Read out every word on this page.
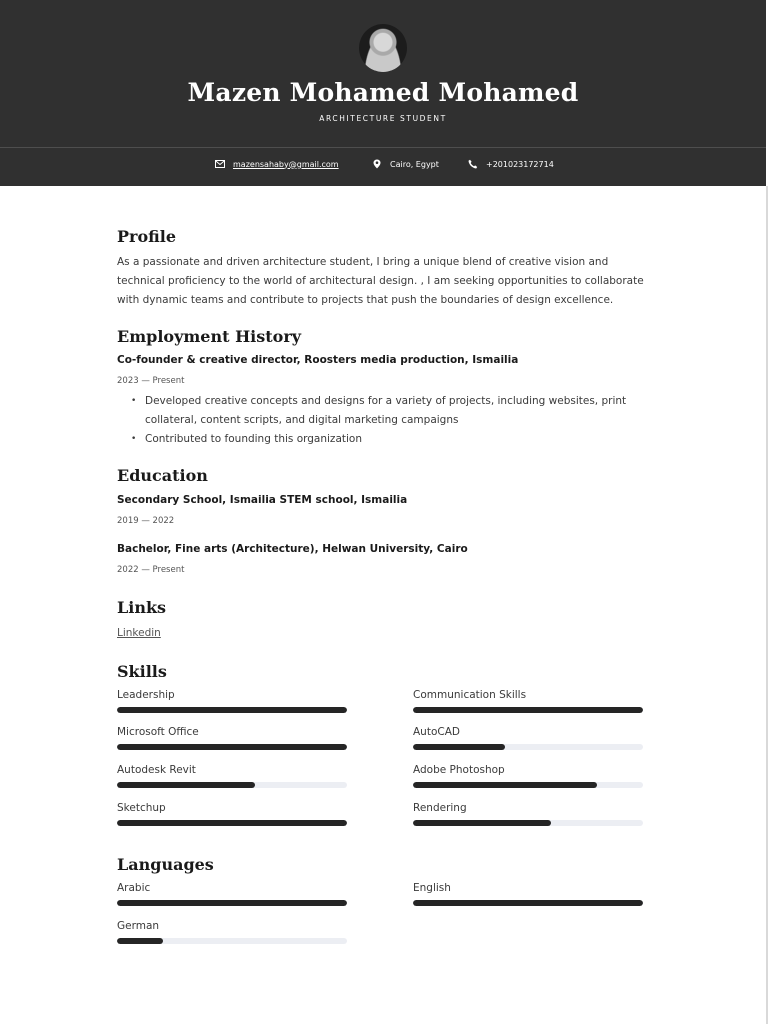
Mazen Mohamed Mohamed
ARCHITECTURE STUDENT
mazensahaby@gmail.com	Cairo, Egypt	+201023172714
Profile
As a passionate and driven architecture student, I bring a unique blend of creative vision and
technical proficiency to the world of architectural design. , I am seeking opportunities to collaborate
with dynamic teams and contribute to projects that push the boundaries of design excellence.
Employment History
Co-founder & creative director, Roosters media production, Ismailia
2023 — Present
• Developed creative concepts and designs for a variety of projects, including websites, print collateral, content scripts, and digital marketing campaigns
• Contributed to founding this organization
Education
Secondary School, Ismailia STEM school, Ismailia
2019 — 2022
Bachelor, Fine arts (Architecture), Helwan University, Cairo
2022 — Present
Links
Linkedin
Skills
Leadership	Communication Skills
Microsoft Office	AutoCAD
Autodesk Revit	Adobe Photoshop
Sketchup	Rendering
Languages
Arabic	English
German
